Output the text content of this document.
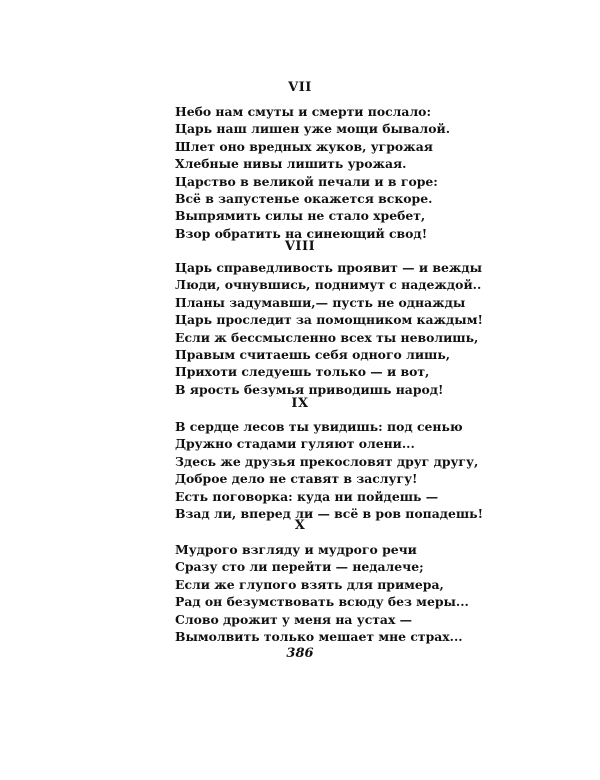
VII
Небо нам смуты и смерти послало:
Царь наш лишен уже мощи бывалой.
Шлет оно вредных жуков, угрожая
Хлебные нивы лишить урожая.
Царство в великой печали и в горе:
Всё в запустенье окажется вскоре.
Выпрямить силы не стало хребет,
Взор обратить на синеющий свод!
VIII
Царь справедливость проявит — и вежды
Люди, очнувшись, поднимут с надеждой..
Планы задумавши,— пусть не однажды
Царь проследит за помощником каждым!
Если ж бессмысленно всех ты неволишь,
Правым считаешь себя одного лишь,
Прихоти следуешь только — и вот,
В ярость безумья приводишь народ!
IX
В сердце лесов ты увидишь: под сенью
Дружно стадами гуляют олени...
Здесь же друзья прекословят друг другу,
Доброе дело не ставят в заслугу!
Есть поговорка: куда ни пойдешь —
Взад ли, вперед ли — всё в ров попадешь!
X
Мудрого взгляду и мудрого речи
Сразу сто ли перейти — недалече;
Если же глупого взять для примера,
Рад он безумствовать всюду без меры...
Слово дрожит у меня на устах —
Вымолвить только мешает мне страх...
386
